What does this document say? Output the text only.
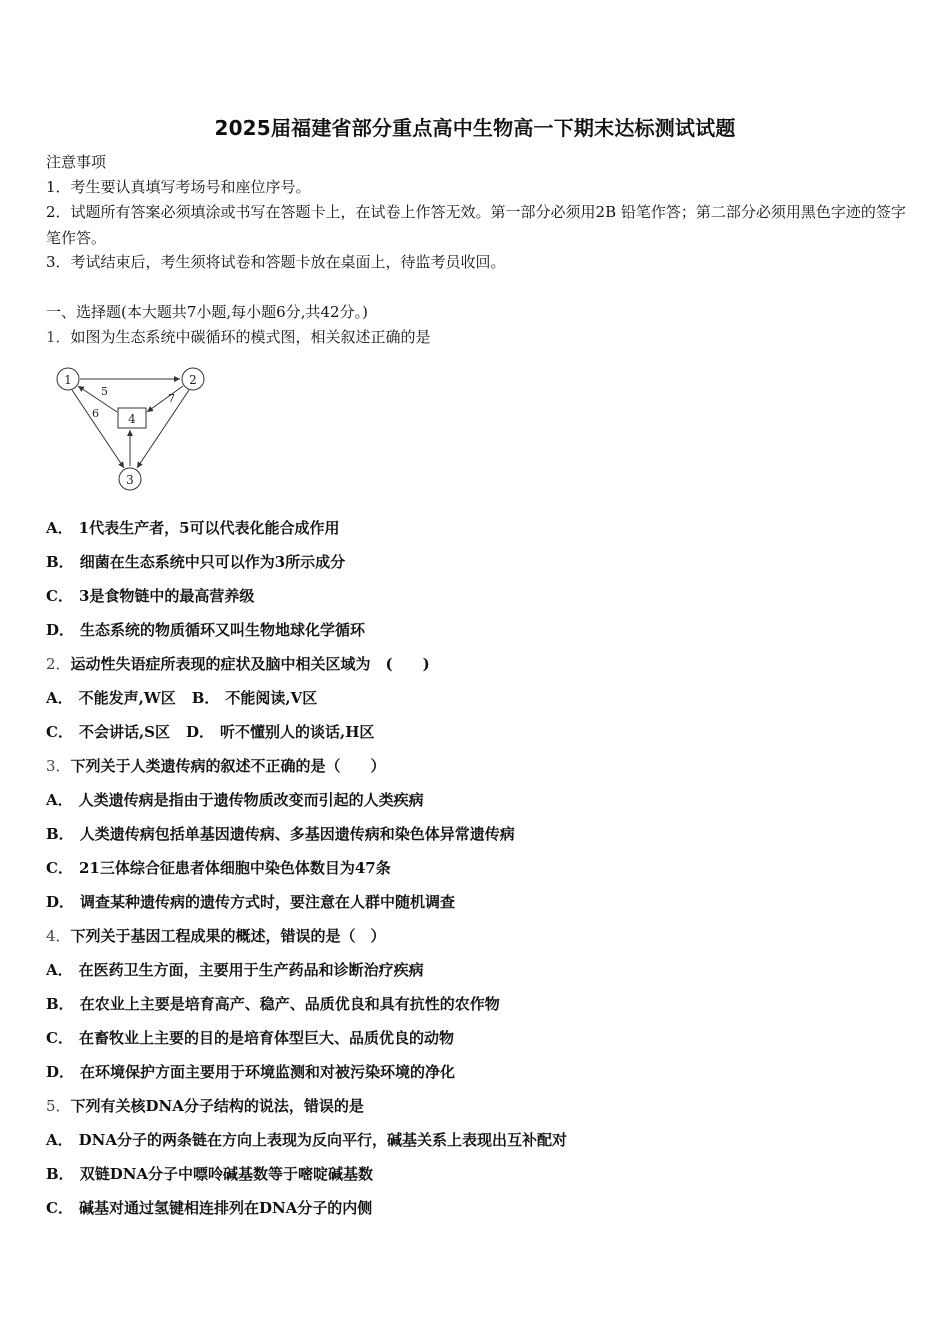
2025届福建省部分重点高中生物高一下期末达标测试试题
注意事项
1．考生要认真填写考场号和座位序号。
2．试题所有答案必须填涂或书写在答题卡上，在试卷上作答无效。第一部分必须用2B 铅笔作答；第二部分必须用黑色字迹的签字笔作答。
3．考试结束后，考生须将试卷和答题卡放在桌面上，待监考员收回。
一、选择题(本大题共7小题,每小题6分,共42分。)
1．如图为生态系统中碳循环的模式图，相关叙述正确的是
1	2
3
4
5
6
7
A． 1代表生产者，5可以代表化能合成作用
B． 细菌在生态系统中只可以作为3所示成分
C． 3是食物链中的最高营养级
D． 生态系统的物质循环又叫生物地球化学循环
2．运动性失语症所表现的症状及脑中相关区域为　(　　)
A． 不能发声,W区 B． 不能阅读,V区
C． 不会讲话,S区 D． 听不懂别人的谈话,H区
3．下列关于人类遗传病的叙述不正确的是（　　）
A． 人类遗传病是指由于遗传物质改变而引起的人类疾病
B． 人类遗传病包括单基因遗传病、多基因遗传病和染色体异常遗传病
C． 21三体综合征患者体细胞中染色体数目为47条
D． 调查某种遗传病的遗传方式时，要注意在人群中随机调查
4．下列关于基因工程成果的概述，错误的是（　）
A． 在医药卫生方面，主要用于生产药品和诊断治疗疾病
B． 在农业上主要是培育高产、稳产、品质优良和具有抗性的农作物
C． 在畜牧业上主要的目的是培育体型巨大、品质优良的动物
D． 在环境保护方面主要用于环境监测和对被污染环境的净化
5．下列有关核DNA分子结构的说法，错误的是
A． DNA分子的两条链在方向上表现为反向平行，碱基关系上表现出互补配对
B． 双链DNA分子中嘌呤碱基数等于嘧啶碱基数
C． 碱基对通过氢键相连排列在DNA分子的内侧
